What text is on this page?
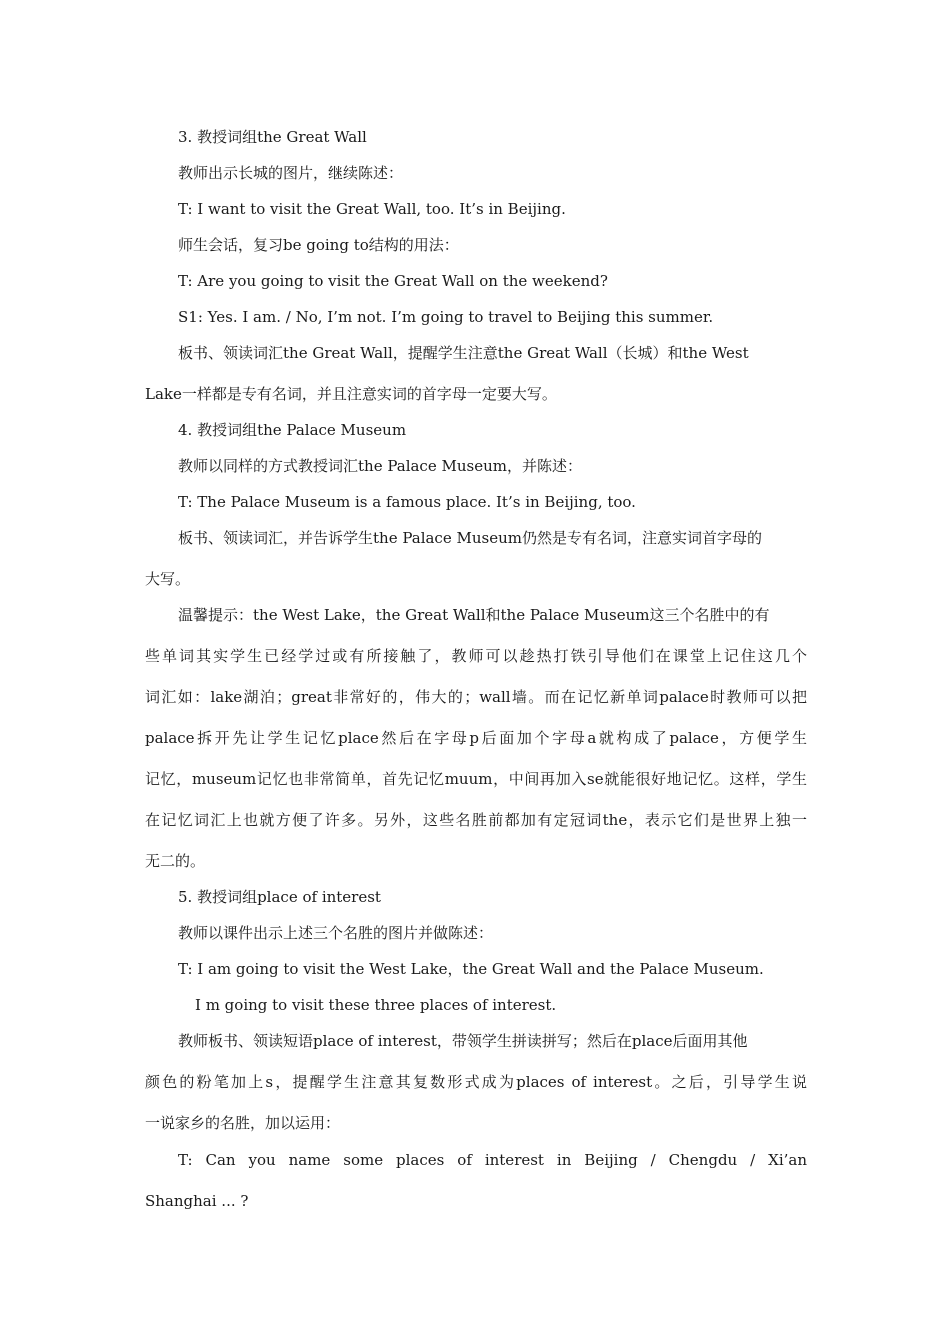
3. 教授词组the Great Wall
教师出示长城的图片，继续陈述：
T: I want to visit the Great Wall, too. It’s in Beijing.
师生会话，复习be going to结构的用法：
T: Are you going to visit the Great Wall on the weekend?
S1: Yes. I am. / No, I’m not. I’m going to travel to Beijing this summer.
板书、领读词汇the Great Wall，提醒学生注意the Great Wall（长城）和the West
Lake一样都是专有名词，并且注意实词的首字母一定要大写。
4. 教授词组the Palace Museum
教师以同样的方式教授词汇the Palace Museum，并陈述：
T: The Palace Museum is a famous place. It’s in Beijing, too.
板书、领读词汇，并告诉学生the Palace Museum仍然是专有名词，注意实词首字母的
大写。
温馨提示：the West Lake，the Great Wall和the Palace Museum这三个名胜中的有
些单词其实学生已经学过或有所接触了，教师可以趁热打铁引导他们在课堂上记住这几个
词汇如：lake湖泊；great非常好的，伟大的；wall墙。而在记忆新单词palace时教师可以把
palace拆开先让学生记忆place然后在字母p后面加个字母a就构成了palace，方便学生
记忆，museum记忆也非常简单，首先记忆muum，中间再加入se就能很好地记忆。这样，学生
在记忆词汇上也就方便了许多。另外，这些名胜前都加有定冠词the，表示它们是世界上独一
无二的。
5. 教授词组place of interest
教师以课件出示上述三个名胜的图片并做陈述：
T: I am going to visit the West Lake，the Great Wall and the Palace Museum.
I m going to visit these three places of interest.
教师板书、领读短语place of interest，带领学生拼读拼写；然后在place后面用其他
颜色的粉笔加上s，提醒学生注意其复数形式成为places of interest。之后，引导学生说
一说家乡的名胜，加以运用：
T: Can you name some places of interest in Beijing / Chengdu / Xi’an
Shanghai ... ?
